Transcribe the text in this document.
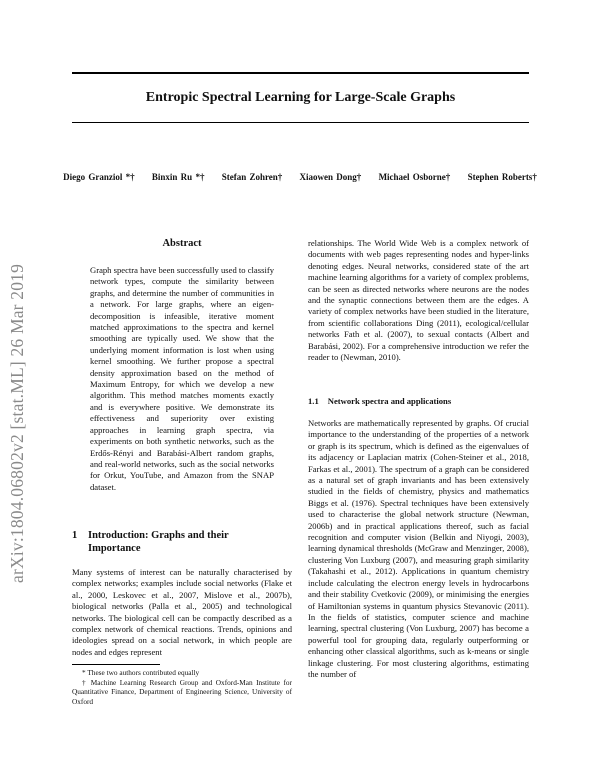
Entropic Spectral Learning for Large-Scale Graphs
Diego Granziol *† Binxin Ru *† Stefan Zohren† Xiaowen Dong† Michael Osborne† Stephen Roberts†
arXiv:1804.06802v2 [stat.ML] 26 Mar 2019
Abstract
Graph spectra have been successfully used to classify network types, compute the similarity between graphs, and determine the number of communities in a network. For large graphs, where an eigen-decomposition is infeasible, iterative moment matched approximations to the spectra and kernel smoothing are typically used. We show that the underlying moment information is lost when using kernel smoothing. We further propose a spectral density approximation based on the method of Maximum Entropy, for which we develop a new algorithm. This method matches moments exactly and is everywhere positive. We demonstrate its effectiveness and superiority over existing approaches in learning graph spectra, via experiments on both synthetic networks, such as the Erdős-Rényi and Barabási-Albert random graphs, and real-world networks, such as the social networks for Orkut, YouTube, and Amazon from the SNAP dataset.
1 Introduction: Graphs and their Importance

Many systems of interest can be naturally characterised by complex networks; examples include social networks (Flake et al., 2000, Leskovec et al., 2007, Mislove et al., 2007b), biological networks (Palla et al., 2005) and technological networks. The biological cell can be compactly described as a complex network of chemical reactions. Trends, opinions and ideologies spread on a social network, in which people are nodes and edges represent

* These two authors contributed equally

† Machine Learning Research Group and Oxford-Man Institute for Quantitative Finance, Department of Engineering Science, University of Oxford

relationships. The World Wide Web is a complex network of documents with web pages representing nodes and hyper-links denoting edges. Neural networks, considered state of the art machine learning algorithms for a variety of complex problems, can be seen as directed networks where neurons are the nodes and the synaptic connections between them are the edges. A variety of complex networks have been studied in the literature, from scientific collaborations Ding (2011), ecological/cellular networks Fath et al. (2007), to sexual contacts (Albert and Barabási, 2002). For a comprehensive introduction we refer the reader to (Newman, 2010).

1.1 Network spectra and applications

Networks are mathematically represented by graphs. Of crucial importance to the understanding of the properties of a network or graph is its spectrum, which is defined as the eigenvalues of its adjacency or Laplacian matrix (Cohen-Steiner et al., 2018, Farkas et al., 2001). The spectrum of a graph can be considered as a natural set of graph invariants and has been extensively studied in the fields of chemistry, physics and mathematics Biggs et al. (1976). Spectral techniques have been extensively used to characterise the global network structure (Newman, 2006b) and in practical applications thereof, such as facial recognition and computer vision (Belkin and Niyogi, 2003), learning dynamical thresholds (McGraw and Menzinger, 2008), clustering Von Luxburg (2007), and measuring graph similarity (Takahashi et al., 2012). Applications in quantum chemistry include calculating the electron energy levels in hydrocarbons and their stability Cvetkovic (2009), or minimising the energies of Hamiltonian systems in quantum physics Stevanovic (2011). In the fields of statistics, computer science and machine learning, spectral clustering (Von Luxburg, 2007) has become a powerful tool for grouping data, regularly outperforming or enhancing other classical algorithms, such as k-means or single linkage clustering. For most clustering algorithms, estimating the number of
